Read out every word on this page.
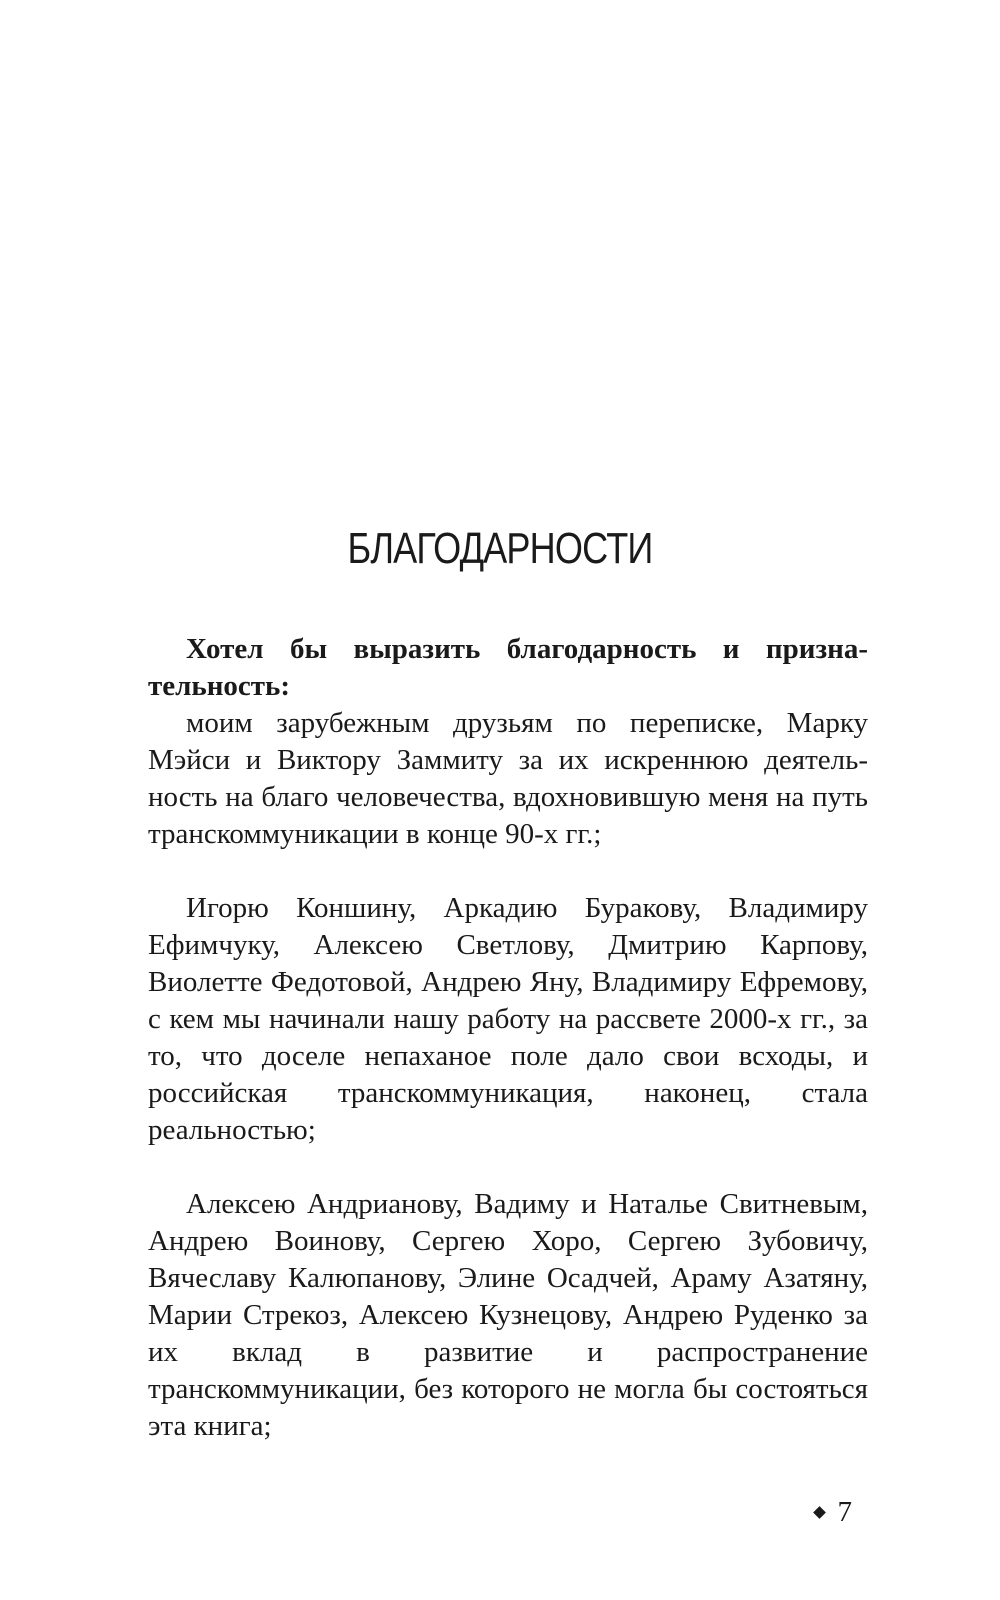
БЛАГОДАРНОСТИ

Хотел бы выразить благодарность и признательность:

моим зарубежным друзьям по переписке, Марку Мэйси и Виктору Заммиту за их искреннюю деятельность на благо человечества, вдохновившую меня на путь транскоммуникации в конце 90-х гг.;

Игорю Коншину, Аркадию Буракову, Владимиру Ефимчуку, Алексею Светлову, Дмитрию Карпову, Виолетте Федотовой, Андрею Яну, Владимиру Ефремову, с кем мы начинали нашу работу на рассвете 2000-х гг., за то, что доселе непаханое поле дало свои всходы, и российская транскоммуникация, наконец, стала реальностью;

Алексею Андрианову, Вадиму и Наталье Свитневым, Андрею Воинову, Сергею Хоро, Сергею Зубовичу, Вячеславу Калюпанову, Элине Осадчей, Араму Азатяну, Марии Стрекоз, Алексею Кузнецову, Андрею Руденко за их вклад в развитие и распространение транскоммуникации, без которого не могла бы состояться эта книга;

7
